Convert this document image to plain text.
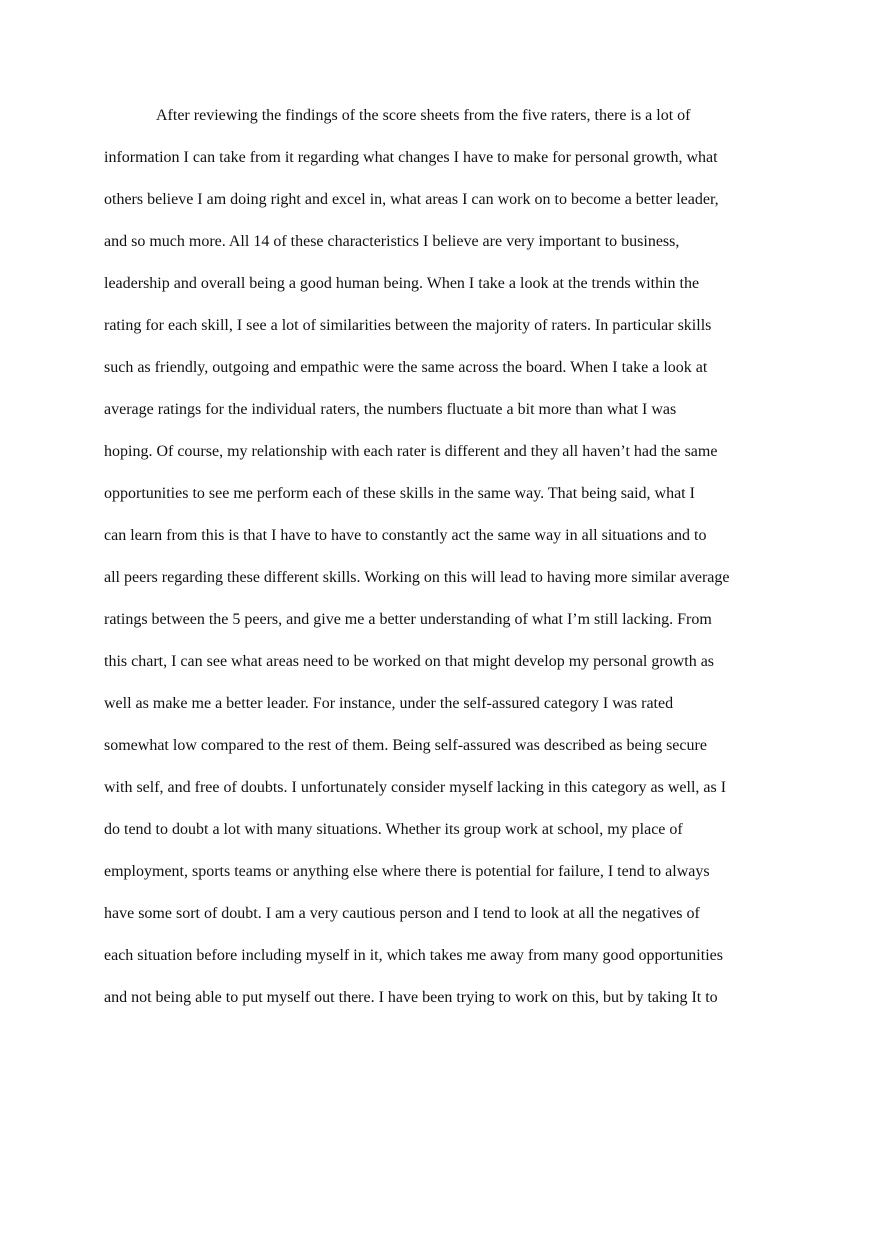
After reviewing the findings of the score sheets from the five raters, there is a lot of

information I can take from it regarding what changes I have to make for personal growth, what

others believe I am doing right and excel in, what areas I can work on to become a better leader,

and so much more. All 14 of these characteristics I believe are very important to business,

leadership and overall being a good human being. When I take a look at the trends within the

rating for each skill, I see a lot of similarities between the majority of raters. In particular skills

such as friendly, outgoing and empathic were the same across the board. When I take a look at

average ratings for the individual raters, the numbers fluctuate a bit more than what I was

hoping. Of course, my relationship with each rater is different and they all haven’t had the same

opportunities to see me perform each of these skills in the same way. That being said, what I

can learn from this is that I have to have to constantly act the same way in all situations and to

all peers regarding these different skills. Working on this will lead to having more similar average

ratings between the 5 peers, and give me a better understanding of what I’m still lacking. From

this chart, I can see what areas need to be worked on that might develop my personal growth as

well as make me a better leader. For instance, under the self-assured category I was rated

somewhat low compared to the rest of them. Being self-assured was described as being secure

with self, and free of doubts. I unfortunately consider myself lacking in this category as well, as I

do tend to doubt a lot with many situations. Whether its group work at school, my place of

employment, sports teams or anything else where there is potential for failure, I tend to always

have some sort of doubt. I am a very cautious person and I tend to look at all the negatives of

each situation before including myself in it, which takes me away from many good opportunities

and not being able to put myself out there. I have been trying to work on this, but by taking It to
